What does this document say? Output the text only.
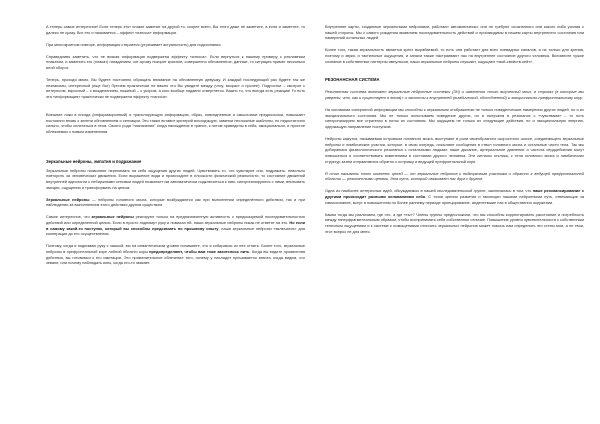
А теперь самое интересное! Если теперь этот плакат заменит на другой то, скорее всего, Вы этого даже не заметите, а если и заметите, то далеко не сразу. Вот это и называется – эффект «износа» информации.

При многократном повторе, информация стирается (утрачивает актуальность) для подсознания.

Справедливо заметить, что не всякая информация подвержена эффекту «износа». Если вернуться к нашему примеру с рекламным плакатом, и заменить его (плакат) нагаданием, кот-орому покорит красное, совершенно обновленное, данные, то ситуация примет несколько иной оборот.

Теперь, проходя мимо, Вы будете постоянно обращать внимание на обновленную девушку. И каждый последующий раз будете так же незнакомы, интересный (еще бы!) Причем практически не важно что Вы увидите между (чтоу, возраст и прочее). Подростки – смотрят с интересом, взрослый – с вожделением, пожилой – с укором, а кого вообще подавно отвергнется. Важно то, что всегда есть реакция! То есть эта «информация» практически не подвержена эффекту «износа».

Внешние лики в иногда (информационный) и транслирующую информацию, образ, повседневные и смысловые предпосылки, повышают постоянно вновь к зелени обновлением и сенсации. Это также вставит критерий восходящую, заметки несложные шаблоны, но недостаточно сильно, чтобы сплетаться в этом. Своего рода "назначение" когда нахождение в трансе, к потом приведены в себя, эмоционально, и простое облекаемых к новым изменениям.

Зеркальные нейроны, эмпатия и подражание

Зеркальные нейроны позволяют перенимать на себя ощущения других людей. Чувствовать то, что чувствуют они, подражать, невольно повторить за человеческих движения. Если выражение вида и происходите в плоскости физический реальности, то состояние движений внутренней идеологии с небиржными сенсами людей позволяет им автоматически подключиться к ним, синхронизируются с ними, впитывать эмоции, ощущения и трансформать на целом.

Зеркальные нейроны — нейроны головного мозга, которые возбуждаются как при выполнении определённого действия, так и при наблюдении за выполнением этого действия другим существом.

Самое интересное, что зеркальные нейроны реагируют только на предназначенную активность с предсказуемой последовательностью действий или определенной целью. Если в просто поднимут руку и помахал ей, наши зеркальные нейроны никак не ответят на это. Но если в самому какой-то поступок, который вы способны предсказать по прошлому опыту, наши зеркальные нейроны «включатся» для кооперации до его осуществления.

Поэтому, когда я поднимаю руку с чашкой, вы на семантическом уровне понимаете, что я собираюсь из нее отпить. Более того, зеркальные нейроны в префронтальной коре лобной области коры предопределяют, чтобы вам тоже захотелось пить. Когда вы видите проявления действия, вы готовимся к его имитации. Это применительное облечение того, почему у насладит прошивается зевота, когда видим, что зевают, или почему наблюдать кино, когда кто-то звякает.

Внутренние карты, созданные зеркальными нейронами, работают автоматически: они не требуют осознанного или какого либо усилия с нашей стороны. Мы с самого рождения выявляем последовательность действий и производимы в нашем карты внутреннего состояния или намерений остальных людей.

Более того, такая зеркальность является крест вырабаемой, то есть она работает для всех очевидных каналов, а не только для зрения, поэтому и звуки, и тактильные ощущения, и запахи также настраивают нас на внутреннее состояние другого человека. Вспомните чужое сознание в собственные паттерны импульсов, наши зеркальные нейроны слушают, ощущают «мой-свойств-кейт».

РЕЗОНАНСНАЯ СИСТЕМА

Резонансная система включает зеркальные нейронные системы (ЗН) и изменения «того выученный моих, в строках (в которые мы уверены, что, как и существует в этом)» и частоты к внутренней (лимбической, обособленной) и эмоционально-префронтальному кору.

На основании синхронной информации мы способны к зеркальным отображению не только поведенческие намерения других людей, но и их эмоционального состояния. Мы не только испытываем поведение других, но и получаем в резонансе с «чувствами» – то есть синхронизируем все стратегии в поток их состояния. Мы ощущаем не только их следующие действия, но и эмоциональную энергию, одержащую направление поступков.

Нейроны кажутся, называемая островком головного мозга, выступают в роли своеобразного скоростного шоссе, соединяющего зеркальные нейроны и лимбические участки, которые, в свою очередь, посылают сообщения в ствол головного мозга и остальные части тела. Так мы добираемся физиологического резонанса с остальными людьми: наше дыхание, артериальное давление и частота сердцебиения могут повышаться и соответствовать изменениям в состоянии другого человека. Эти сигналы отклика, с тела головного мозга и лимбических структур затем отправляются обратно к островку и ведущей префронтальной коре.

Я стал называть этот комплекс цепей — от зеркальных нейронов к подкорковым участкам и обратно к ведущей префронтальной области — резонансными цепями. Эта путь, который связывает нас друг с другом.

Одна из наиболее интересных идей, обсуждаемых в нашей исследовательской группе, заключалась в том, что наше резонансирование с другими происходит разными основаниями себя. С точки зрения развития и эволюции нашими нейронными путь, отвечающие за самосознание, могут в повышенном по более раннему периоде проецирование, индентевшие нас в общественно окружении.

Каким тогда мы различаем, где что, а где «ты»? Члены группы предположили, что мы способны корректировать расстояние и потребность между гиперфрагментальным образом, чтобы воспринимать себя собственное отличие. Повышение уровня чувствительности к собственным телесным ощущениям и к системе с помощениями отличить зеркальных нейронов может помочь нам определить это стены мои, а не твои, этот вопрос не для меня.
